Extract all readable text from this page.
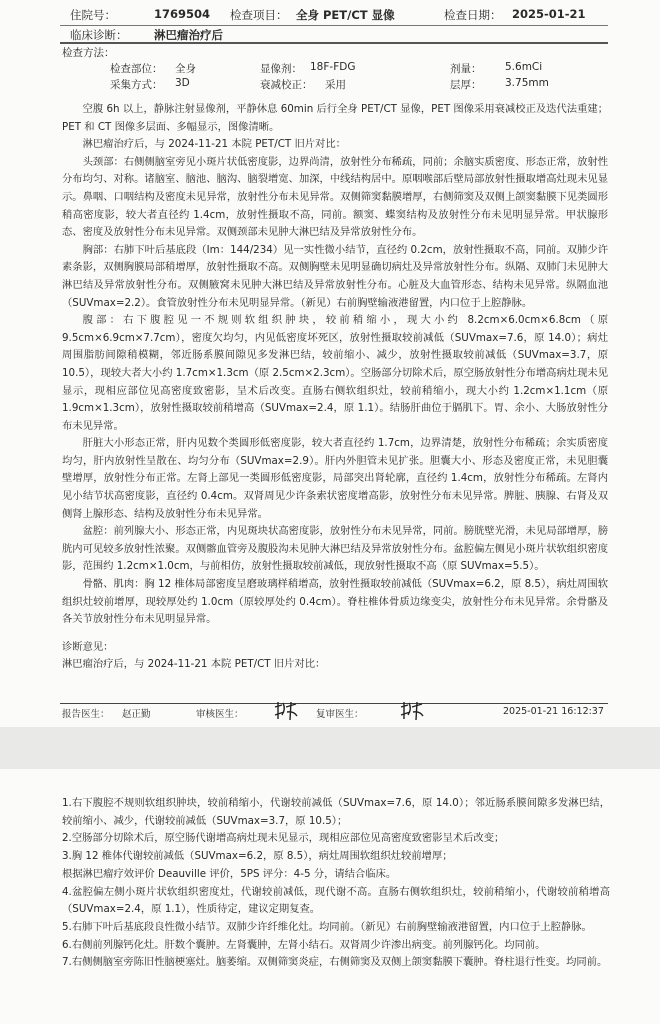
住院号：	1769504 检查项目： 全身 PET/CT 显像	检查日期： 2025-01-21
临床诊断： 淋巴瘤治疗后
检查方法：
检查部位： 全身	显像剂： 18F-FDG	剂量： 5.6mCi
采集方式： 3D	衰减校正： 采用	层厚： 3.75mm

空腹 6h 以上，静脉注射显像剂，平静休息 60min 后行全身 PET/CT 显像，PET 图像采用衰减校正及迭代法重建；PET 和 CT 图像多层面、多幅显示，图像清晰。

淋巴瘤治疗后，与 2024-11-21 本院 PET/CT 旧片对比：

头颈部：右侧侧脑室旁见小斑片状低密度影，边界尚清，放射性分布稀疏，同前；余脑实质密度、形态正常，放射性分布均匀、对称。诸脑室、脑池、脑沟、脑裂增宽、加深，中线结构居中。原咽喉部后壁局部放射性摄取增高灶现未见显示。鼻咽、口咽结构及密度未见异常，放射性分布未见异常。双侧筛窦黏膜增厚，右侧筛窦及双侧上颌窦黏膜下见类圆形稍高密度影，较大者直径约 1.4cm，放射性摄取不高，同前。额窦、蝶窦结构及放射性分布未见明显异常。甲状腺形态、密度及放射性分布未见异常。双侧颈部未见肿大淋巴结及异常放射性分布。

胸部：右肺下叶后基底段（Im：144/234）见一实性微小结节，直径约 0.2cm，放射性摄取不高，同前。双肺少许素条影，双侧胸膜局部稍增厚，放射性摄取不高。双侧胸壁未见明显确切病灶及异常放射性分布。纵隔、双肺门未见肿大淋巴结及异常放射性分布。双侧腋窝未见肿大淋巴结及异常放射性分布。心脏及大血管形态、结构未见异常。纵隔血池（SUVmax=2.2）。食管放射性分布未见明显异常。（新见）右前胸壁输液港留置，内口位于上腔静脉。

腹部：右下腹腔见一不规则软组织肿块，较前稍缩小，现大小约 8.2cm×6.0cm×6.8cm（原 9.5cm×6.9cm×7.7cm），密度欠均匀，内见低密度坏死区，放射性摄取较前减低（SUVmax=7.6，原 14.0）；病灶周围脂肪间隙稍模糊，邻近肠系膜间隙见多发淋巴结，较前缩小、减少，放射性摄取较前减低（SUVmax=3.7，原 10.5），现较大者大小约 1.7cm×1.3cm（原 2.5cm×2.3cm）。空肠部分切除术后，原空肠放射性分布增高病灶现未见显示，现相应部位见高密度致密影，呈术后改变。直肠右侧软组织灶，较前稍缩小，现大小约 1.2cm×1.1cm（原 1.9cm×1.3cm），放射性摄取较前稍增高（SUVmax=2.4，原 1.1）。结肠肝曲位于膈肌下。胃、余小、大肠放射性分布未见异常。

肝脏大小形态正常，肝内见数个类圆形低密度影，较大者直径约 1.7cm，边界清楚，放射性分布稀疏；余实质密度均匀，肝内放射性呈散在、均匀分布（SUVmax=2.9）。肝内外胆管未见扩张。胆囊大小、形态及密度正常，未见胆囊壁增厚，放射性分布正常。左肾上部见一类圆形低密度影，局部突出肾轮廓，直径约 1.4cm，放射性分布稀疏。左肾内见小结节状高密度影，直径约 0.4cm。双肾周见少许条索状密度增高影，放射性分布未见异常。脾脏、胰腺、右肾及双侧肾上腺形态、结构及放射性分布未见异常。

盆腔：前列腺大小、形态正常，内见斑块状高密度影，放射性分布未见异常，同前。膀胱壁光滑，未见局部增厚，膀胱内可见较多放射性浓聚。双侧髂血管旁及腹股沟未见肿大淋巴结及异常放射性分布。盆腔偏左侧见小斑片状软组织密度影，范围约 1.2cm×1.0cm，与前相仿，放射性摄取较前减低，现放射性摄取不高（原 SUVmax=5.5）。

骨骼、肌肉：胸 12 椎体局部密度呈磨玻璃样稍增高，放射性摄取较前减低（SUVmax=6.2，原 8.5），病灶周围软组织灶较前增厚，现较厚处约 1.0cm（原较厚处约 0.4cm）。脊柱椎体骨质边缘变尖，放射性分布未见异常。余骨骼及各关节放射性分布未见明显异常。

诊断意见：

淋巴瘤治疗后，与 2024-11-21 本院 PET/CT 旧片对比：

报告医生： 赵正勤	审核医生：	复审医生：	2025-01-21 16:12:37

1.右下腹腔不规则软组织肿块，较前稍缩小，代谢较前减低（SUVmax=7.6，原 14.0）；邻近肠系膜间隙多发淋巴结，较前缩小、减少，代谢较前减低（SUVmax=3.7，原 10.5）；

2.空肠部分切除术后，原空肠代谢增高病灶现未见显示，现相应部位见高密度致密影呈术后改变；

3.胸 12 椎体代谢较前减低（SUVmax=6.2，原 8.5），病灶周围软组织灶较前增厚；

根据淋巴瘤疗效评价 Deauville 评价，5PS 评分：4-5 分，请结合临床。

4.盆腔偏左侧小斑片状软组织密度灶，代谢较前减低，现代谢不高。直肠右侧软组织灶，较前稍缩小，代谢较前稍增高（SUVmax=2.4，原 1.1），性质待定，建议定期复查。

5.右肺下叶后基底段良性微小结节。双肺少许纤维化灶。均同前。（新见）右前胸壁输液港留置，内口位于上腔静脉。

6.右侧前列腺钙化灶。肝数个囊肿。左肾囊肿，左肾小结石。双肾周少许渗出病变。前列腺钙化。均同前。

7.右侧侧脑室旁陈旧性脑梗塞灶。脑萎缩。双侧筛窦炎症，右侧筛窦及双侧上颌窦黏膜下囊肿。脊柱退行性变。均同前。
